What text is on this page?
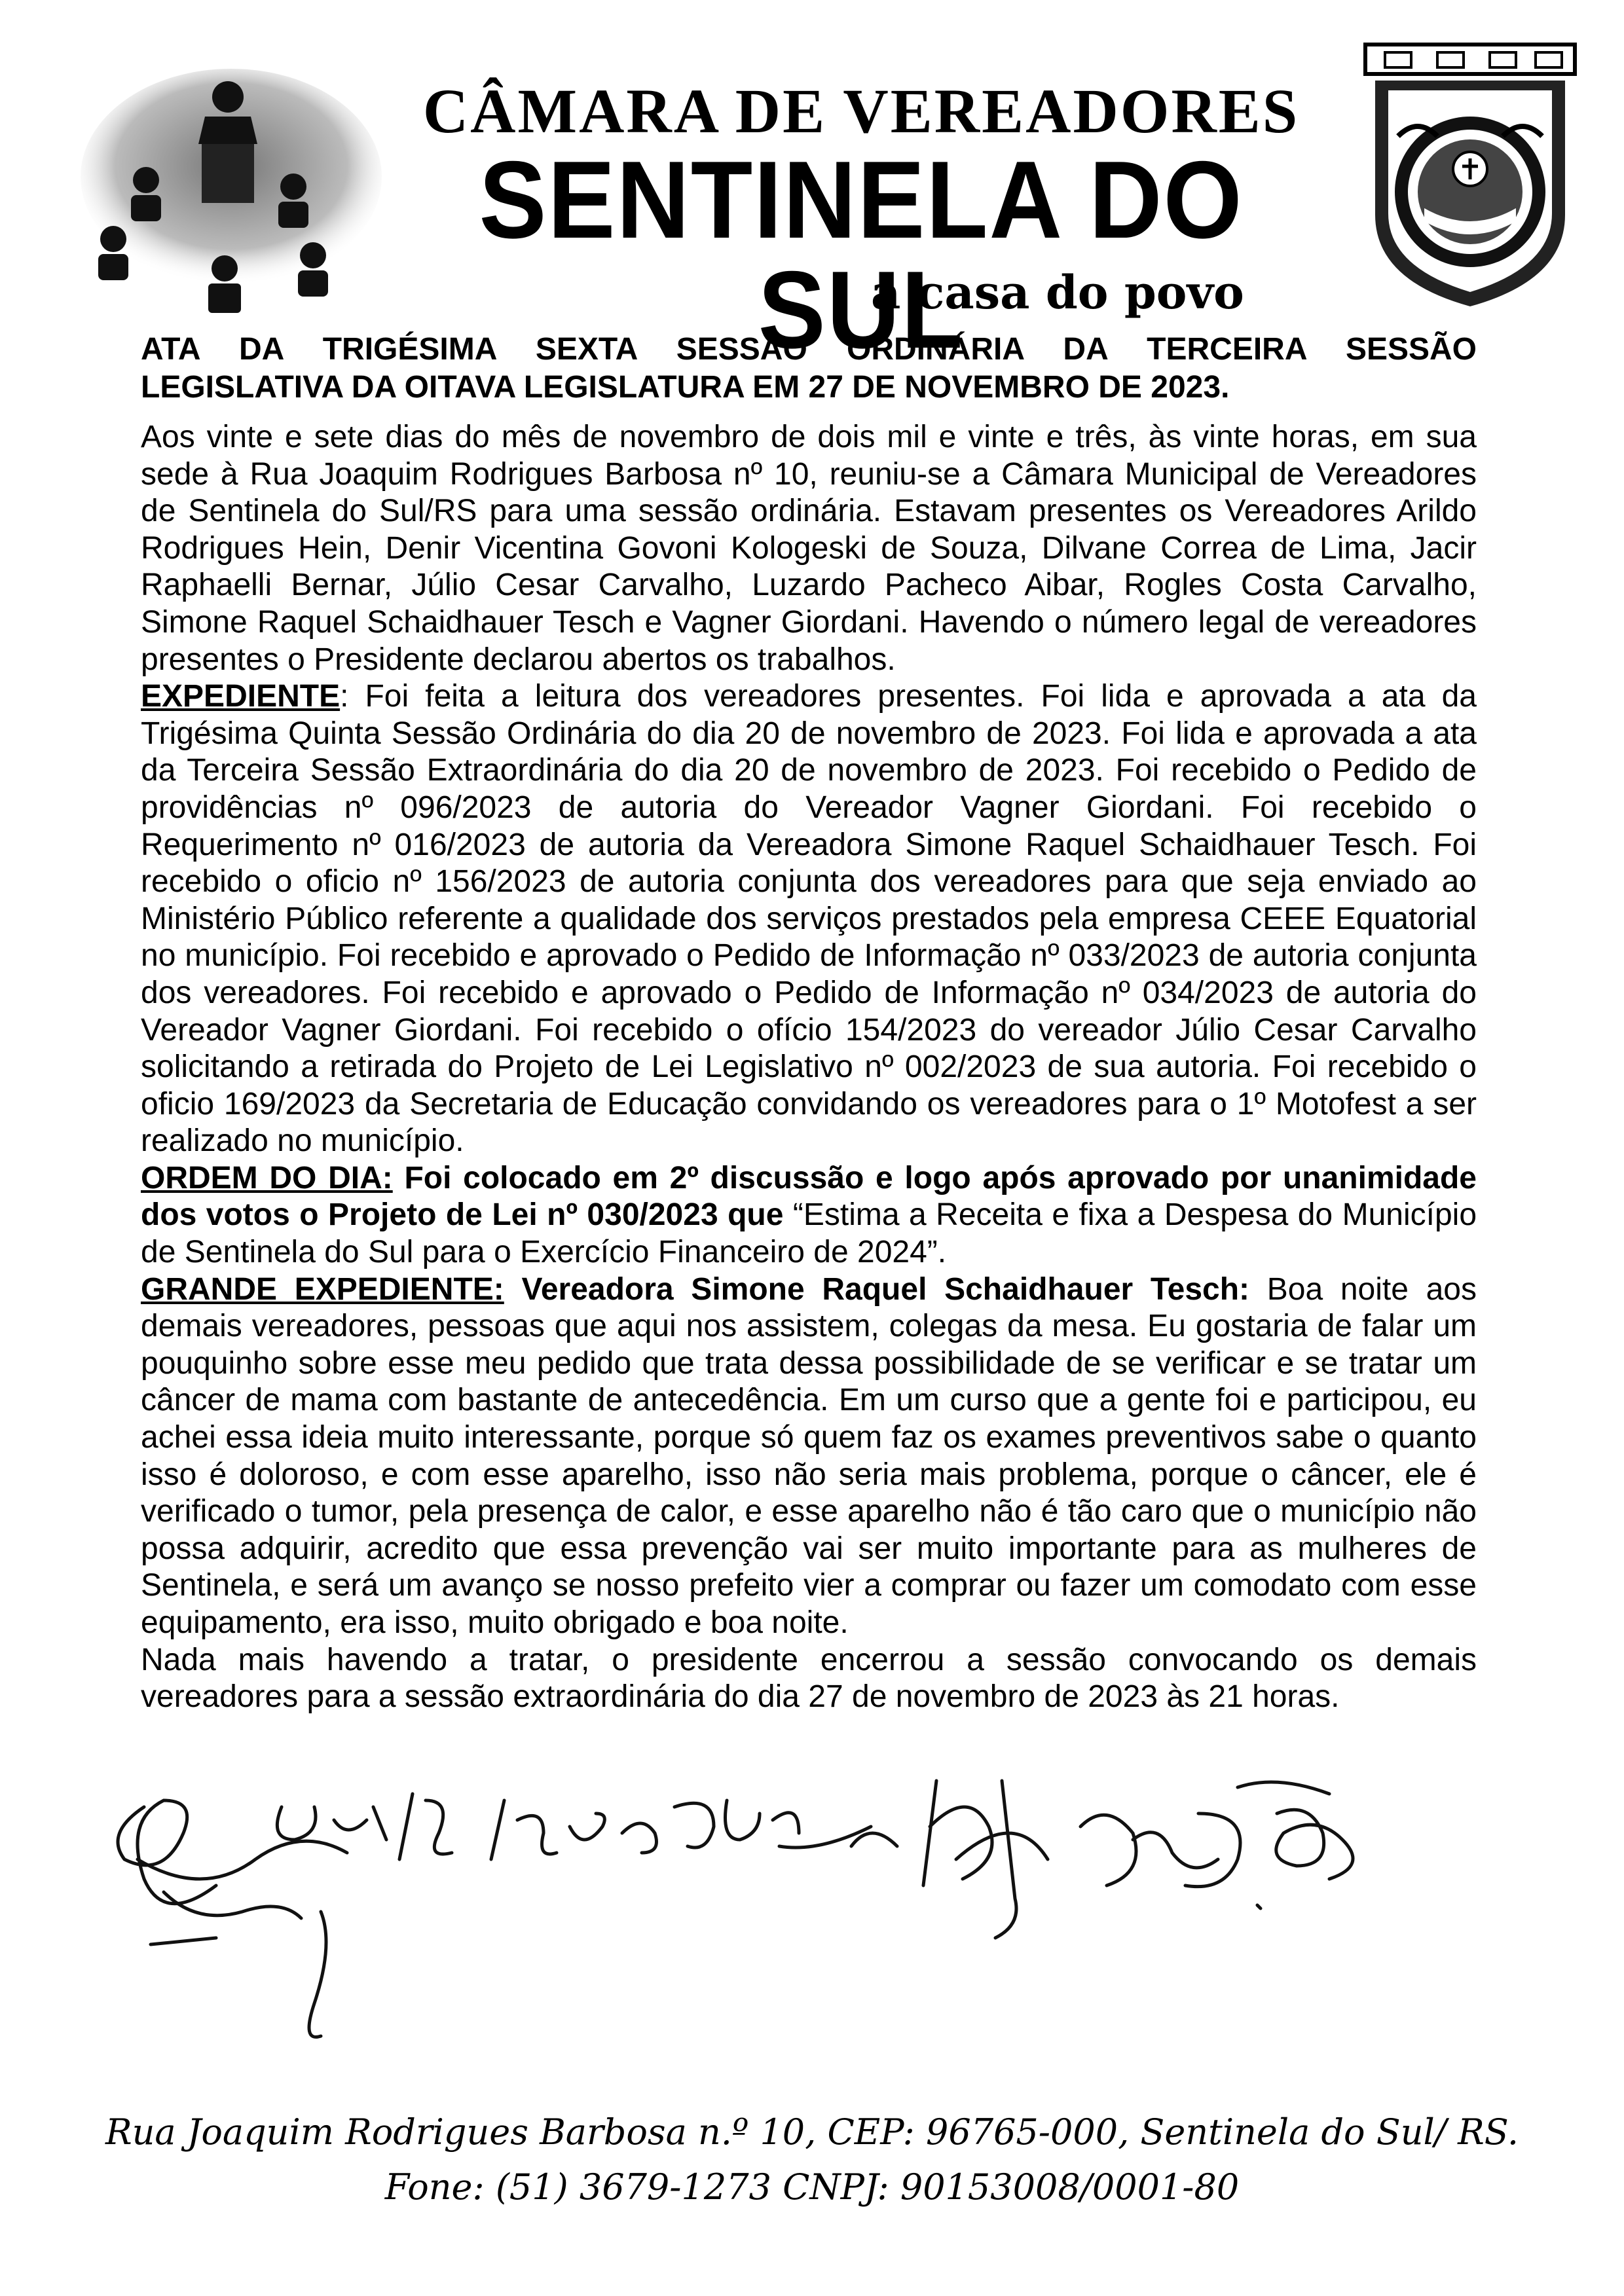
CÂMARA DE VEREADORES

SENTINELA DO SUL

a casa do povo
ATA DA TRIGÉSIMA SEXTA SESSÃO ORDINÁRIA DA TERCEIRA SESSÃO

LEGISLATIVA DA OITAVA LEGISLATURA EM 27 DE NOVEMBRO DE 2023.

Aos vinte e sete dias do mês de novembro de dois mil e vinte e três, às vinte horas, em sua sede à Rua Joaquim Rodrigues Barbosa nº 10, reuniu-se a Câmara Municipal de Vereadores de Sentinela do Sul/RS para uma sessão ordinária. Estavam presentes os Vereadores Arildo Rodrigues Hein, Denir Vicentina Govoni Kologeski de Souza, Dilvane Correa de Lima, Jacir Raphaelli Bernar, Júlio Cesar Carvalho, Luzardo Pacheco Aibar, Rogles Costa Carvalho, Simone Raquel Schaidhauer Tesch e Vagner Giordani. Havendo o número legal de vereadores presentes o Presidente declarou abertos os trabalhos.

EXPEDIENTE: Foi feita a leitura dos vereadores presentes. Foi lida e aprovada a ata da Trigésima Quinta Sessão Ordinária do dia 20 de novembro de 2023. Foi lida e aprovada a ata da Terceira Sessão Extraordinária do dia 20 de novembro de 2023. Foi recebido o Pedido de providências nº 096/2023 de autoria do Vereador Vagner Giordani. Foi recebido o Requerimento nº 016/2023 de autoria da Vereadora Simone Raquel Schaidhauer Tesch. Foi recebido o oficio nº 156/2023 de autoria conjunta dos vereadores para que seja enviado ao Ministério Público referente a qualidade dos serviços prestados pela empresa CEEE Equatorial no município. Foi recebido e aprovado o Pedido de Informação nº 033/2023 de autoria conjunta dos vereadores. Foi recebido e aprovado o Pedido de Informação nº 034/2023 de autoria do Vereador Vagner Giordani. Foi recebido o ofício 154/2023 do vereador Júlio Cesar Carvalho solicitando a retirada do Projeto de Lei Legislativo nº 002/2023 de sua autoria. Foi recebido o oficio 169/2023 da Secretaria de Educação convidando os vereadores para o 1º Motofest a ser realizado no município.

ORDEM DO DIA: Foi colocado em 2º discussão e logo após aprovado por unanimidade dos votos o Projeto de Lei nº 030/2023 que “Estima a Receita e fixa a Despesa do Município de Sentinela do Sul para o Exercício Financeiro de 2024”.

GRANDE EXPEDIENTE: Vereadora Simone Raquel Schaidhauer Tesch: Boa noite aos demais vereadores, pessoas que aqui nos assistem, colegas da mesa. Eu gostaria de falar um pouquinho sobre esse meu pedido que trata dessa possibilidade de se verificar e se tratar um câncer de mama com bastante de antecedência. Em um curso que a gente foi e participou, eu achei essa ideia muito interessante, porque só quem faz os exames preventivos sabe o quanto isso é doloroso, e com esse aparelho, isso não seria mais problema, porque o câncer, ele é verificado o tumor, pela presença de calor, e esse aparelho não é tão caro que o município não possa adquirir, acredito que essa prevenção vai ser muito importante para as mulheres de Sentinela, e será um avanço se nosso prefeito vier a comprar ou fazer um comodato com esse equipamento, era isso, muito obrigado e boa noite.

Nada mais havendo a tratar, o presidente encerrou a sessão convocando os demais vereadores para a sessão extraordinária do dia 27 de novembro de 2023 às 21 horas.

Rua Joaquim Rodrigues Barbosa n.º 10, CEP: 96765-000, Sentinela do Sul/ RS.
Fone: (51) 3679-1273 CNPJ: 90153008/0001-80
